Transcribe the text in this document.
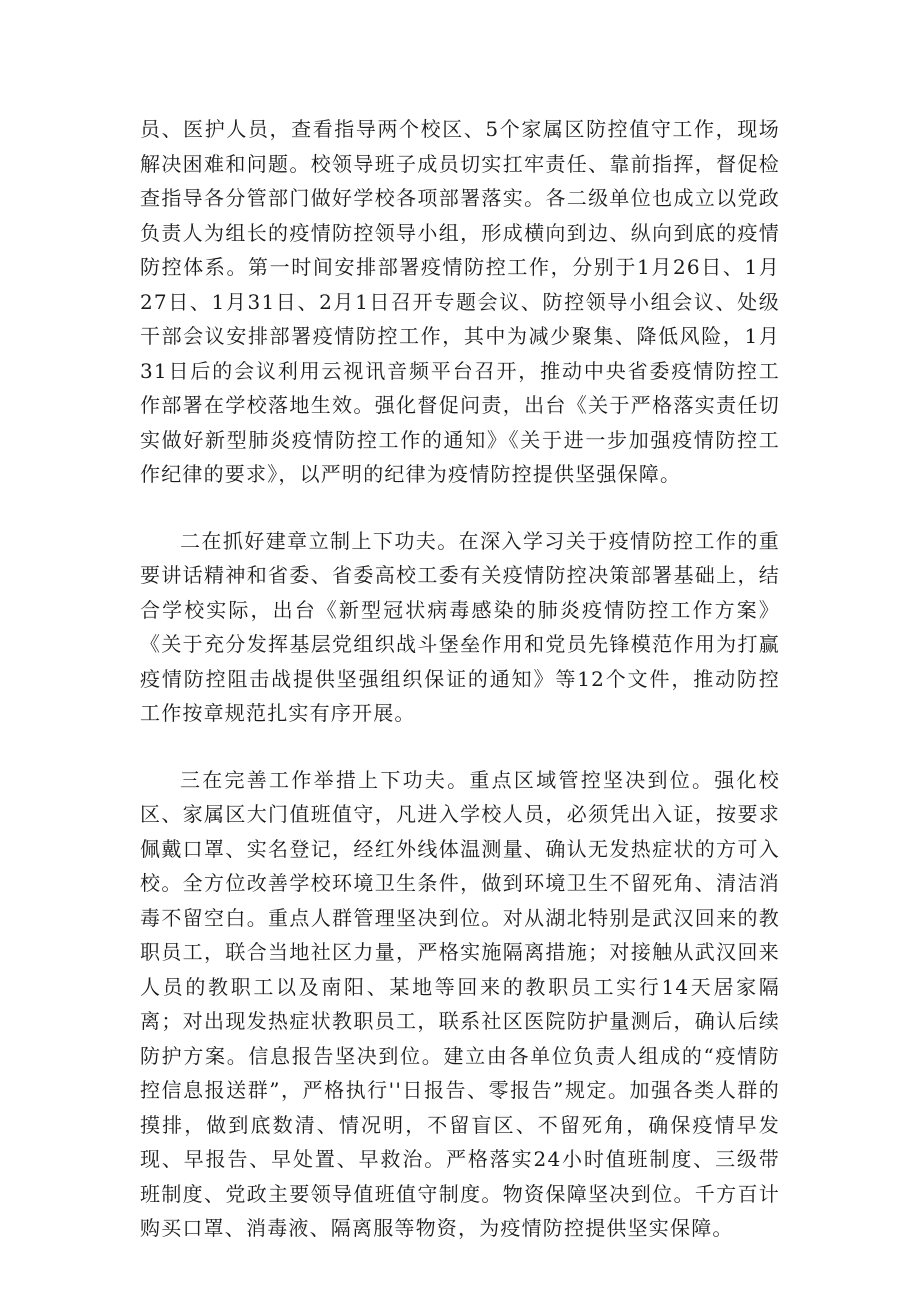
员、医护人员，查看指导两个校区、5个家属区防控值守工作，现场解决困难和问题。校领导班子成员切实扛牢责任、靠前指挥，督促检查指导各分管部门做好学校各项部署落实。各二级单位也成立以党政负责人为组长的疫情防控领导小组，形成横向到边、纵向到底的疫情防控体系。第一时间安排部署疫情防控工作，分别于1月26日、1月27日、1月31日、2月1日召开专题会议、防控领导小组会议、处级干部会议安排部署疫情防控工作，其中为减少聚集、降低风险，1月31日后的会议利用云视讯音频平台召开，推动中央省委疫情防控工作部署在学校落地生效。强化督促问责，出台《关于严格落实责任切实做好新型肺炎疫情防控工作的通知》《关于进一步加强疫情防控工作纪律的要求》，以严明的纪律为疫情防控提供坚强保障。

二在抓好建章立制上下功夫。在深入学习关于疫情防控工作的重要讲话精神和省委、省委高校工委有关疫情防控决策部署基础上，结合学校实际，出台《新型冠状病毒感染的肺炎疫情防控工作方案》《关于充分发挥基层党组织战斗堡垒作用和党员先锋模范作用为打赢疫情防控阻击战提供坚强组织保证的通知》等12个文件，推动防控工作按章规范扎实有序开展。

三在完善工作举措上下功夫。重点区域管控坚决到位。强化校区、家属区大门值班值守，凡进入学校人员，必须凭出入证，按要求佩戴口罩、实名登记，经红外线体温测量、确认无发热症状的方可入校。全方位改善学校环境卫生条件，做到环境卫生不留死角、清洁消毒不留空白。重点人群管理坚决到位。对从湖北特别是武汉回来的教职员工，联合当地社区力量，严格实施隔离措施；对接触从武汉回来人员的教职工以及南阳、某地等回来的教职员工实行14天居家隔离；对出现发热症状教职员工，联系社区医院防护量测后，确认后续防护方案。信息报告坚决到位。建立由各单位负责人组成的“疫情防控信息报送群”，严格执行''日报告、零报告”规定。加强各类人群的摸排，做到底数清、情况明，不留盲区、不留死角，确保疫情早发现、早报告、早处置、早救治。严格落实24小时值班制度、三级带班制度、党政主要领导值班值守制度。物资保障坚决到位。千方百计购买口罩、消毒液、隔离服等物资，为疫情防控提供坚实保障。
